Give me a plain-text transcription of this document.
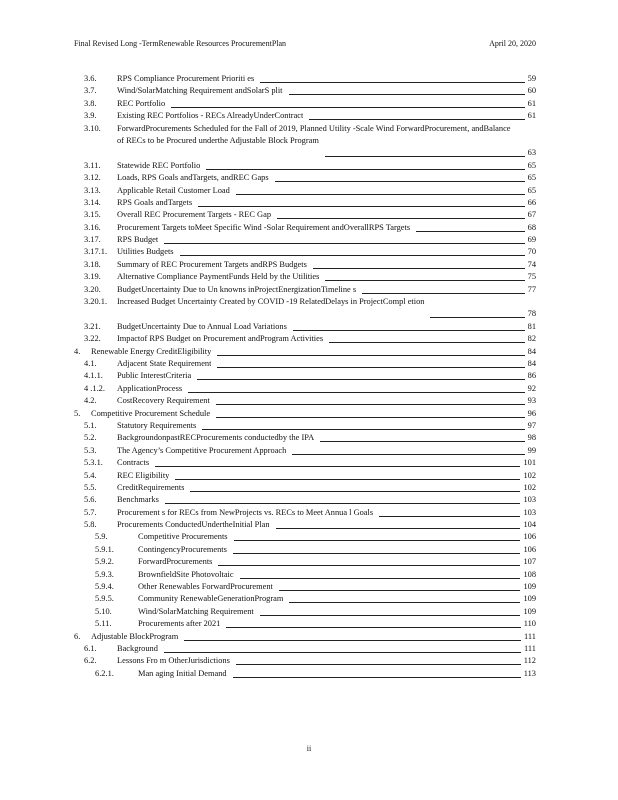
Final Revised Long -TermRenewable Resources ProcurementPlan	April 20, 2020
3.6. RPS Compliance Procurement Prioriti es	59
3.7. Wind/SolarMatching Requirement andSolarS plit	60
3.8. REC Portfolio	61
3.9. Existing REC Portfolios - RECs AlreadyUnderContract	61
3.10. ForwardProcurements Scheduled for the Fall of 2019, Planned Utility -Scale Wind ForwardProcurement, andBalance of RECs to be Procured underthe Adjustable Block Program
63
3.11. Statewide REC Portfolio	65
3.12. Loads, RPS Goals andTargets, andREC Gaps	65
3.13. Applicable Retail Customer Load	65
3.14. RPS Goals andTargets	66
3.15. Overall REC Procurement Targets - REC Gap	67
3.16. Procurement Targets toMeet Specific Wind -Solar Requirement andOverallRPS Targets	68
3.17. RPS Budget	69
3.17.1. Utilities Budgets	70
3.18. Summary of REC Procurement Targets andRPS Budgets	74
3.19. Alternative Compliance PaymentFunds Held by the Utilities	75
3.20. BudgetUncertainty Due to Un knowns inProjectEnergizationTimeline s	77
3.20.1. Increased Budget Uncertainty Created by COVID -19 RelatedDelays in ProjectCompl etion
78
3.21. BudgetUncertainty Due to Annual Load Variations	81
3.22. Impactof RPS Budget on Procurement andProgram Activities	82
4. Renewable Energy CreditEligibility	84
4.1. Adjacent State Requirement	84
4.1.1. Public InterestCriteria	86
4 .1.2. ApplicationProcess	92
4.2. CostRecovery Requirement	93
5. Competitive Procurement Schedule	96
5.1. Statutory Requirements	97
5.2. BackgroundonpastRECProcurements conductedby the IPA	98
5.3. The Agency’s Competitive Procurement Approach	99
5.3.1. Contracts	101
5.4. REC Eligibility	102
5.5. CreditRequirements	102
5.6. Benchmarks	103
5.7. Procurement s for RECs from NewProjects vs. RECs to Meet Annua l Goals	103
5.8. Procurements ConductedUndertheInitial Plan	104
5.9.	Competitive Procurements	106
5.9.1.	ContingencyProcurements	106
5.9.2.	ForwardProcurements	107
5.9.3.	BrownfieldSite Photovoltaic	108
5.9.4.	Other Renewables ForwardProcurement	109
5.9.5.	Community RenewableGenerationProgram	109
5.10.	Wind/SolarMatching Requirement	109
5.11.	Procurements after 2021	110
6. Adjustable BlockProgram	111
6.1. Background	111
6.2. Lessons Fro m OtherJurisdictions	112
6.2.1.	Man aging Initial Demand	113
ii
